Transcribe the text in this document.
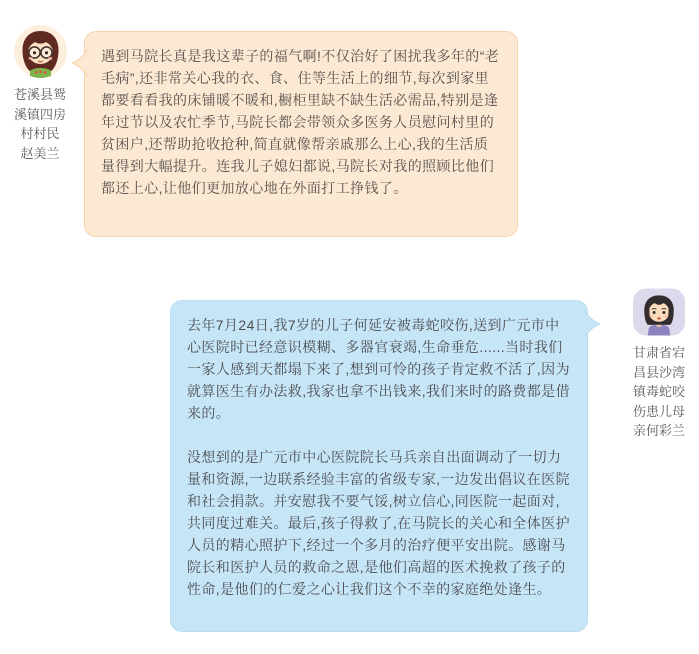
苍溪县鸳
溪镇四房
村村民
赵美兰

遇到马院长真是我这辈子的福气啊!不仅治好了困扰我多年的“老毛病”,还非常关心我的衣、食、住等生活上的细节,每次到家里都要看看我的床铺暖不暖和,橱柜里缺不缺生活必需品,特别是逢年过节以及农忙季节,马院长都会带领众多医务人员慰问村里的贫困户,还帮助抢收抢种,简直就像帮亲戚那么上心,我的生活质量得到大幅提升。连我儿子媳妇都说,马院长对我的照顾比他们都还上心,让他们更加放心地在外面打工挣钱了。

去年7月24日,我7岁的儿子何延安被毒蛇咬伤,送到广元市中心医院时已经意识模糊、多器官衰竭,生命垂危......当时我们一家人感到天都塌下来了,想到可怜的孩子肯定救不活了,因为就算医生有办法救,我家也拿不出钱来,我们来时的路费都是借来的。

没想到的是广元市中心医院院长马兵亲自出面调动了一切力量和资源,一边联系经验丰富的省级专家,一边发出倡议在医院和社会捐款。并安慰我不要气馁,树立信心,同医院一起面对,共同度过难关。最后,孩子得救了,在马院长的关心和全体医护人员的精心照护下,经过一个多月的治疗便平安出院。感谢马院长和医护人员的救命之恩,是他们高超的医术挽救了孩子的性命,是他们的仁爱之心让我们这个不幸的家庭绝处逢生。

甘肃省宕
昌县沙湾
镇毒蛇咬
伤患儿母
亲何彩兰
